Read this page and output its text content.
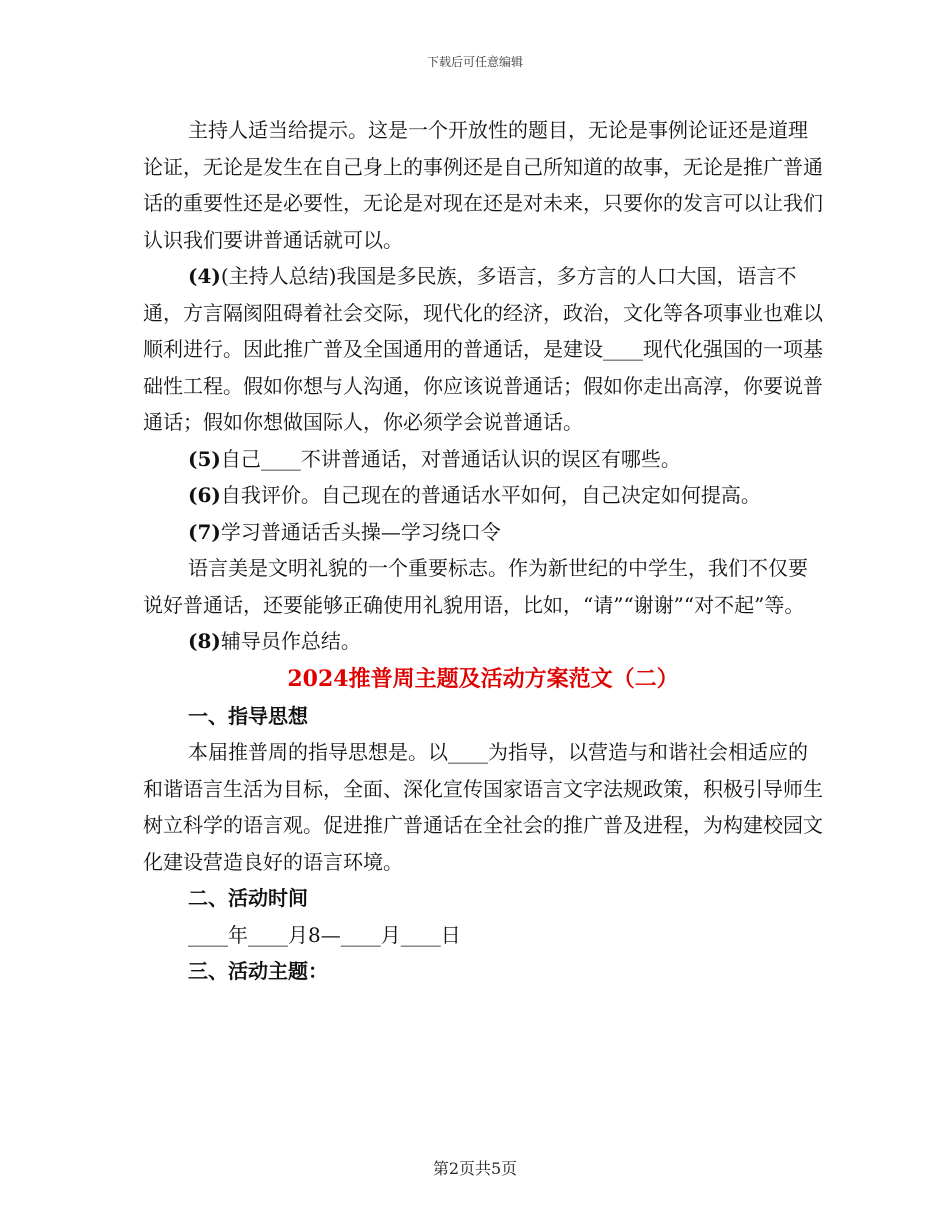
下载后可任意编辑

主持人适当给提示。这是一个开放性的题目，无论是事例论证还是道理论证，无论是发生在自己身上的事例还是自己所知道的故事，无论是推广普通话的重要性还是必要性，无论是对现在还是对未来，只要你的发言可以让我们认识我们要讲普通话就可以。

(4)(主持人总结)我国是多民族，多语言，多方言的人口大国，语言不通，方言隔阂阻碍着社会交际，现代化的经济，政治，文化等各项事业也难以顺利进行。因此推广普及全国通用的普通话，是建设____现代化强国的一项基础性工程。假如你想与人沟通，你应该说普通话；假如你走出高淳，你要说普通话；假如你想做国际人，你必须学会说普通话。

(5)自己____不讲普通话，对普通话认识的误区有哪些。

(6)自我评价。自己现在的普通话水平如何，自己决定如何提高。

(7)学习普通话舌头操—学习绕口令

语言美是文明礼貌的一个重要标志。作为新世纪的中学生，我们不仅要说好普通话，还要能够正确使用礼貌用语，比如，“请”“谢谢”“对不起”等。

(8)辅导员作总结。

2024推普周主题及活动方案范文（二）

一、指导思想

本届推普周的指导思想是。以____为指导，以营造与和谐社会相适应的和谐语言生活为目标，全面、深化宣传国家语言文字法规政策，积极引导师生树立科学的语言观。促进推广普通话在全社会的推广普及进程，为构建校园文化建设营造良好的语言环境。

二、活动时间

____年____月8—____月____日

三、活动主题：

第2页共5页
